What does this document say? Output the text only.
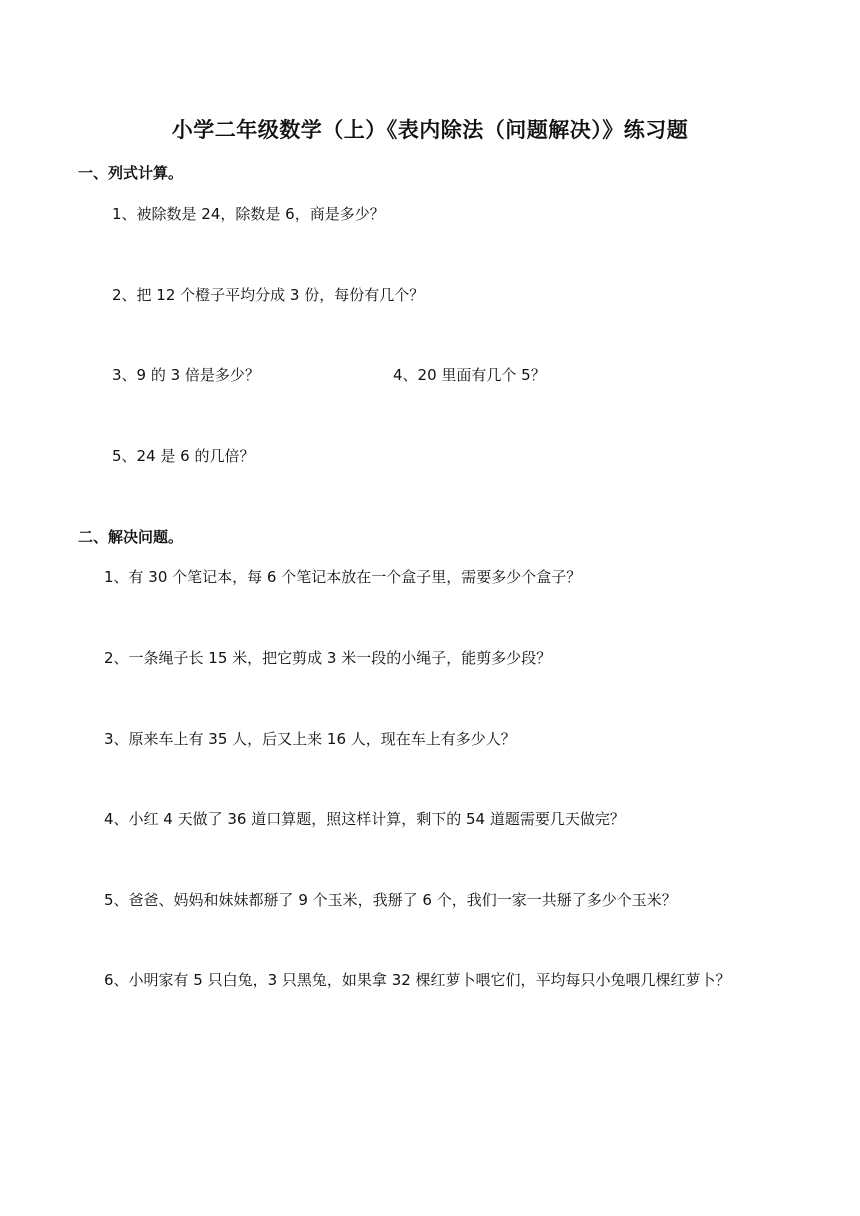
小学二年级数学（上）《表内除法（问题解决）》练习题
一、列式计算。
1、被除数是 24，除数是 6，商是多少？
2、把 12 个橙子平均分成 3 份，每份有几个？
3、9 的 3 倍是多少？	4、20 里面有几个 5？
5、24 是 6 的几倍？
二、解决问题。
1、有 30 个笔记本，每 6 个笔记本放在一个盒子里，需要多少个盒子？
2、一条绳子长 15 米，把它剪成 3 米一段的小绳子，能剪多少段？
3、原来车上有 35 人，后又上来 16 人，现在车上有多少人？
4、小红 4 天做了 36 道口算题，照这样计算，剩下的 54 道题需要几天做完？
5、爸爸、妈妈和妹妹都掰了 9 个玉米，我掰了 6 个，我们一家一共掰了多少个玉米？
6、小明家有 5 只白兔，3 只黑兔，如果拿 32 棵红萝卜喂它们，平均每只小兔喂几棵红萝卜？
